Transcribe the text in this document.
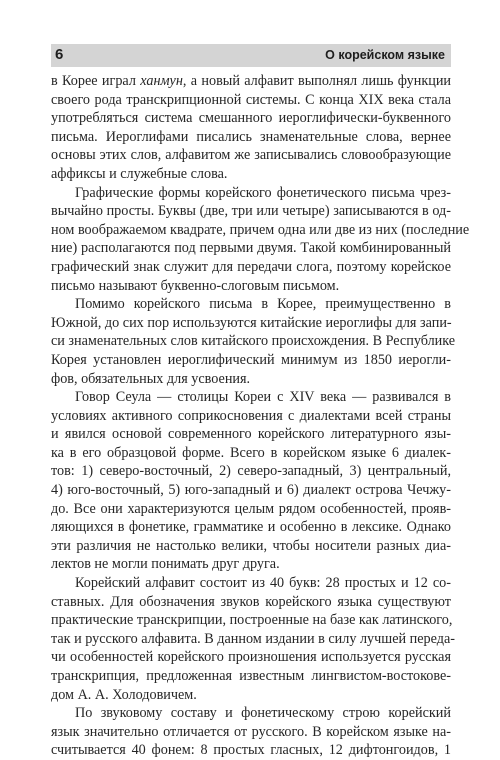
6	О корейском языке
в Корее играл ханмун, а новый алфавит выполнял лишь функции
своего рода транскрипционной системы. С конца XIX века стала
употребляться система смешанного иероглифически-буквенного
письма. Иероглифами писались знаменательные слова, вернее
основы этих слов, алфавитом же записывались словообразующие
аффиксы и служебные слова.
Графические формы корейского фонетического письма чрез-
вычайно просты. Буквы (две, три или четыре) записываются в од-
ном воображаемом квадрате, причем одна или две из них (последние
ние) располагаются под первыми двумя. Такой комбинированный
графический знак служит для передачи слога, поэтому корейское
письмо называют буквенно-слоговым письмом.
Помимо корейского письма в Корее, преимущественно в
Южной, до сих пор используются китайские иероглифы для запи-
си знаменательных слов китайского происхождения. В Республике
Корея установлен иероглифический минимум из 1850 иерогли-
фов, обязательных для усвоения.
Говор Сеула — столицы Кореи с XIV века — развивался в
условиях активного соприкосновения с диалектами всей страны
и явился основой современного корейского литературного язы-
ка в его образцовой форме. Всего в корейском языке 6 диалек-
тов: 1) северо-восточный, 2) северо-западный, 3) центральный,
4) юго-восточный, 5) юго-западный и 6) диалект острова Чечжу-
до. Все они характеризуются целым рядом особенностей, прояв-
ляющихся в фонетике, грамматике и особенно в лексике. Однако
эти различия не настолько велики, чтобы носители разных диа-
лектов не могли понимать друг друга.
Корейский алфавит состоит из 40 букв: 28 простых и 12 со-
ставных. Для обозначения звуков корейского языка существуют
практические транскрипции, построенные на базе как латинского,
так и русского алфавита. В данном издании в силу лучшей переда-
чи особенностей корейского произношения используется русская
транскрипция, предложенная известным лингвистом-востокове-
дом А. А. Холодовичем.
По звуковому составу и фонетическому строю корейский
язык значительно отличается от русского. В корейском языке на-
считывается 40 фонем: 8 простых гласных, 12 дифтонгоидов, 1
